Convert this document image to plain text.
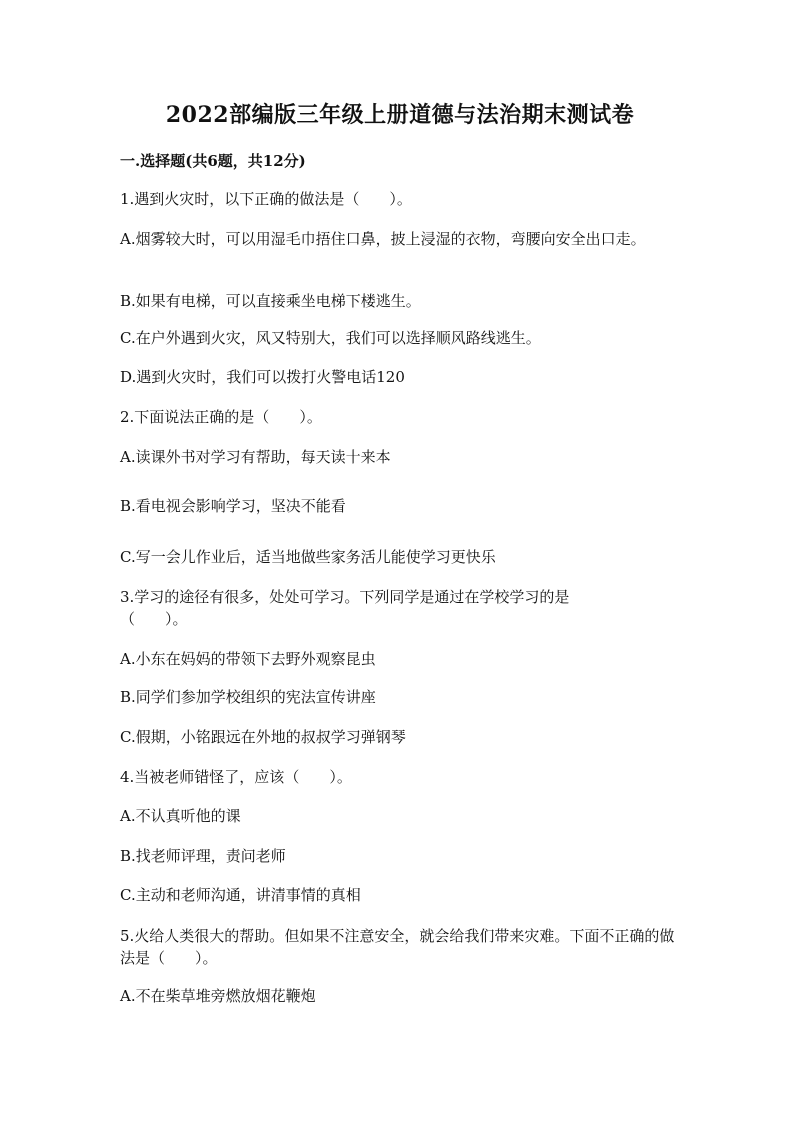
2022部编版三年级上册道德与法治期末测试卷
一.选择题(共6题，共12分)
1.遇到火灾时，以下正确的做法是（　　）。
A.烟雾较大时，可以用湿毛巾捂住口鼻，披上浸湿的衣物，弯腰向安全出口走。
B.如果有电梯，可以直接乘坐电梯下楼逃生。
C.在户外遇到火灾，风又特别大，我们可以选择顺风路线逃生。
D.遇到火灾时，我们可以拨打火警电话120
2.下面说法正确的是（　　）。
A.读课外书对学习有帮助，每天读十来本
B.看电视会影响学习，坚决不能看
C.写一会儿作业后，适当地做些家务活儿能使学习更快乐
3.学习的途径有很多，处处可学习。下列同学是通过在学校学习的是（　　）。
A.小东在妈妈的带领下去野外观察昆虫
B.同学们参加学校组织的宪法宣传讲座
C.假期，小铭跟远在外地的叔叔学习弹钢琴
4.当被老师错怪了，应该（　　）。
A.不认真听他的课
B.找老师评理，责问老师
C.主动和老师沟通，讲清事情的真相
5.火给人类很大的帮助。但如果不注意安全，就会给我们带来灾难。下面不正确的做法是（　　）。
A.不在柴草堆旁燃放烟花鞭炮
